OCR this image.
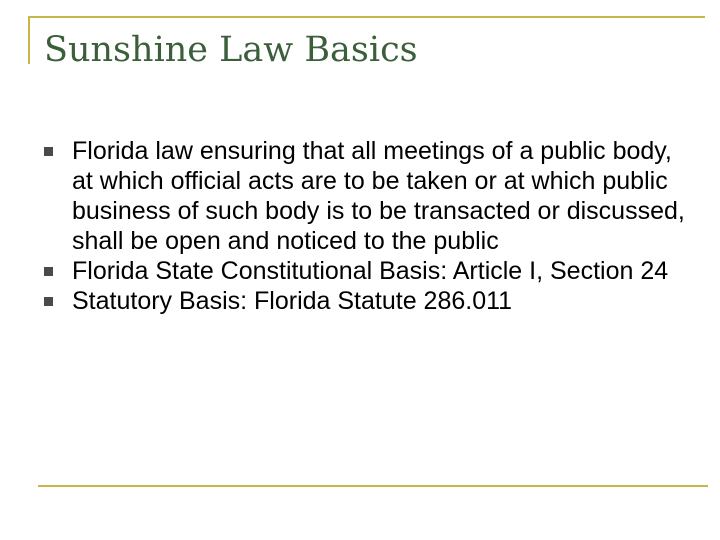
Sunshine Law Basics
Florida law ensuring that all meetings of a public body, at which official acts are to be taken or at which public business of such body is to be transacted or discussed, shall be open and noticed to the public
Florida State Constitutional Basis: Article I, Section 24
Statutory Basis: Florida Statute 286.011
